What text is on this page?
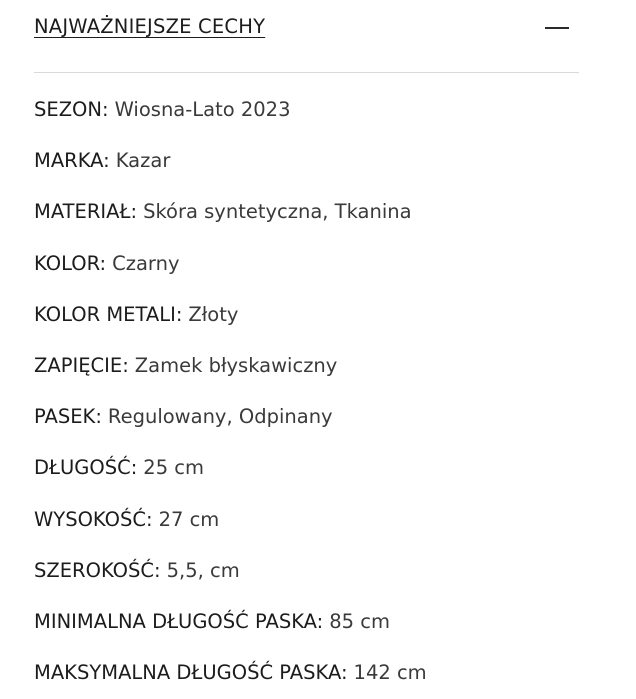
NAJWAŻNIEJSZE CECHY
SEZON: Wiosna-Lato 2023
MARKA: Kazar
MATERIAŁ: Skóra syntetyczna, Tkanina
KOLOR: Czarny
KOLOR METALI: Złoty
ZAPIĘCIE: Zamek błyskawiczny
PASEK: Regulowany, Odpinany
DŁUGOŚĆ: 25 cm
WYSOKOŚĆ: 27 cm
SZEROKOŚĆ: 5,5, cm
MINIMALNA DŁUGOŚĆ PASKA: 85 cm
MAKSYMALNA DŁUGOŚĆ PASKA: 142 cm
